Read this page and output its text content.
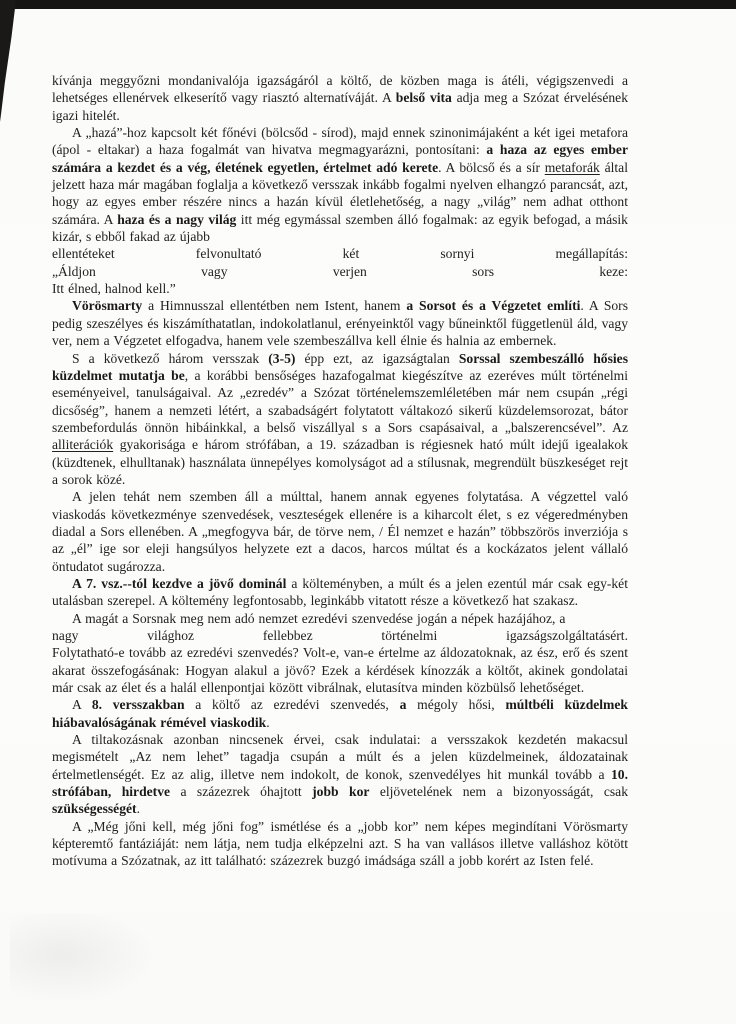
kívánja meggyőzni mondanivalója igazságáról a költő, de közben maga is átéli, végigszenvedi a lehetséges ellenérvek elkeserítő vagy riasztó alternatíváját. A belső vita adja meg a Szózat érvelésének igazi hitelét.
A „hazá”-hoz kapcsolt két főnévi (bölcsőd - sírod), majd ennek szinonimájaként a két igei metafora (ápol - eltakar) a haza fogalmát van hivatva megmagyarázni, pontosítani: a haza az egyes ember számára a kezdet és a vég, életének egyetlen, értelmet adó kerete. A bölcső és a sír metaforák által jelzett haza már magában foglalja a következő versszak inkább fogalmi nyelven elhangzó parancsát, azt, hogy az egyes ember részére nincs a hazán kívül életlehetőség, a nagy „világ” nem adhat otthont számára. A haza és a nagy világ itt még egymással szemben álló fogalmak: az egyik befogad, a másik kizár, s ebből fakad az újabb
ellentéteket felvonultató két sornyi megállapítás:
„Áldjon vagy verjen sors keze:
Itt élned, halnod kell.”
Vörösmarty a Himnusszal ellentétben nem Istent, hanem a Sorsot és a Végzetet említi. A Sors pedig szeszélyes és kiszámíthatatlan, indokolatlanul, erényeinktől vagy bűneinktől függetlenül áld, vagy ver, nem a Végzetet elfogadva, hanem vele szembeszállva kell élnie és halnia az embernek.
S a következő három versszak (3-5) épp ezt, az igazságtalan Sorssal szembeszálló hősies küzdelmet mutatja be, a korábbi bensőséges hazafogalmat kiegészítve az ezeréves múlt történelmi eseményeivel, tanulságaival. Az „ezredév” a Szózat történelemszemléletében már nem csupán „régi dicsőség”, hanem a nemzeti létért, a szabadságért folytatott váltakozó sikerű küzdelemsorozat, bátor szembefordulás önnön hibáinkkal, a belső viszállyal s a Sors csapásaival, a „balszerencsével”. Az alliterációk gyakorisága e három strófában, a 19. században is régiesnek ható múlt idejű igealakok (küzdtenek, elhulltanak) használata ünnepélyes komolyságot ad a stílusnak, megrendült büszkeséget rejt a sorok közé.
A jelen tehát nem szemben áll a múlttal, hanem annak egyenes folytatása. A végzettel való viaskodás következménye szenvedések, veszteségek ellenére is a kiharcolt élet, s ez végeredményben diadal a Sors ellenében. A „megfogyva bár, de törve nem, / Él nemzet e hazán” többszörös inverziója s az „él” ige sor eleji hangsúlyos helyzete ezt a dacos, harcos múltat és a kockázatos jelent vállaló öntudatot sugározza.
A 7. vsz.--tól kezdve a jövő dominál a költeményben, a múlt és a jelen ezentúl már csak egy-két utalásban szerepel. A költemény legfontosabb, leginkább vitatott része a következő hat szakasz.
A magát a Sorsnak meg nem adó nemzet ezredévi szenvedése jogán a népek hazájához, a
nagy világhoz fellebbez történelmi igazságszolgáltatásért.
Folytatható-e tovább az ezredévi szenvedés? Volt-e, van-e értelme az áldozatoknak, az ész, erő és szent akarat összefogásának: Hogyan alakul a jövő? Ezek a kérdések kínozzák a költőt, akinek gondolatai már csak az élet és a halál ellenpontjai között vibrálnak, elutasítva minden közbülső lehetőséget.
A 8. versszakban a költő az ezredévi szenvedés, a mégoly hősi, múltbéli küzdelmek hiábavalóságának rémével viaskodik.
A tiltakozásnak azonban nincsenek érvei, csak indulatai: a versszakok kezdetén makacsul megismételt „Az nem lehet” tagadja csupán a múlt és a jelen küzdelmeinek, áldozatainak értelmetlenségét. Ez az alig, illetve nem indokolt, de konok, szenvedélyes hit munkál tovább a 10. strófában, hirdetve a százezrek óhajtott jobb kor eljövetelének nem a bizonyosságát, csak szükségességét.
A „Még jőni kell, még jőni fog” ismétlése és a „jobb kor” nem képes megindítani Vörösmarty képteremtő fantáziáját: nem látja, nem tudja elképzelni azt. S ha van vallásos illetve valláshoz kötött motívuma a Szózatnak, az itt található: százezrek buzgó imádsága száll a jobb korért az Isten felé.
